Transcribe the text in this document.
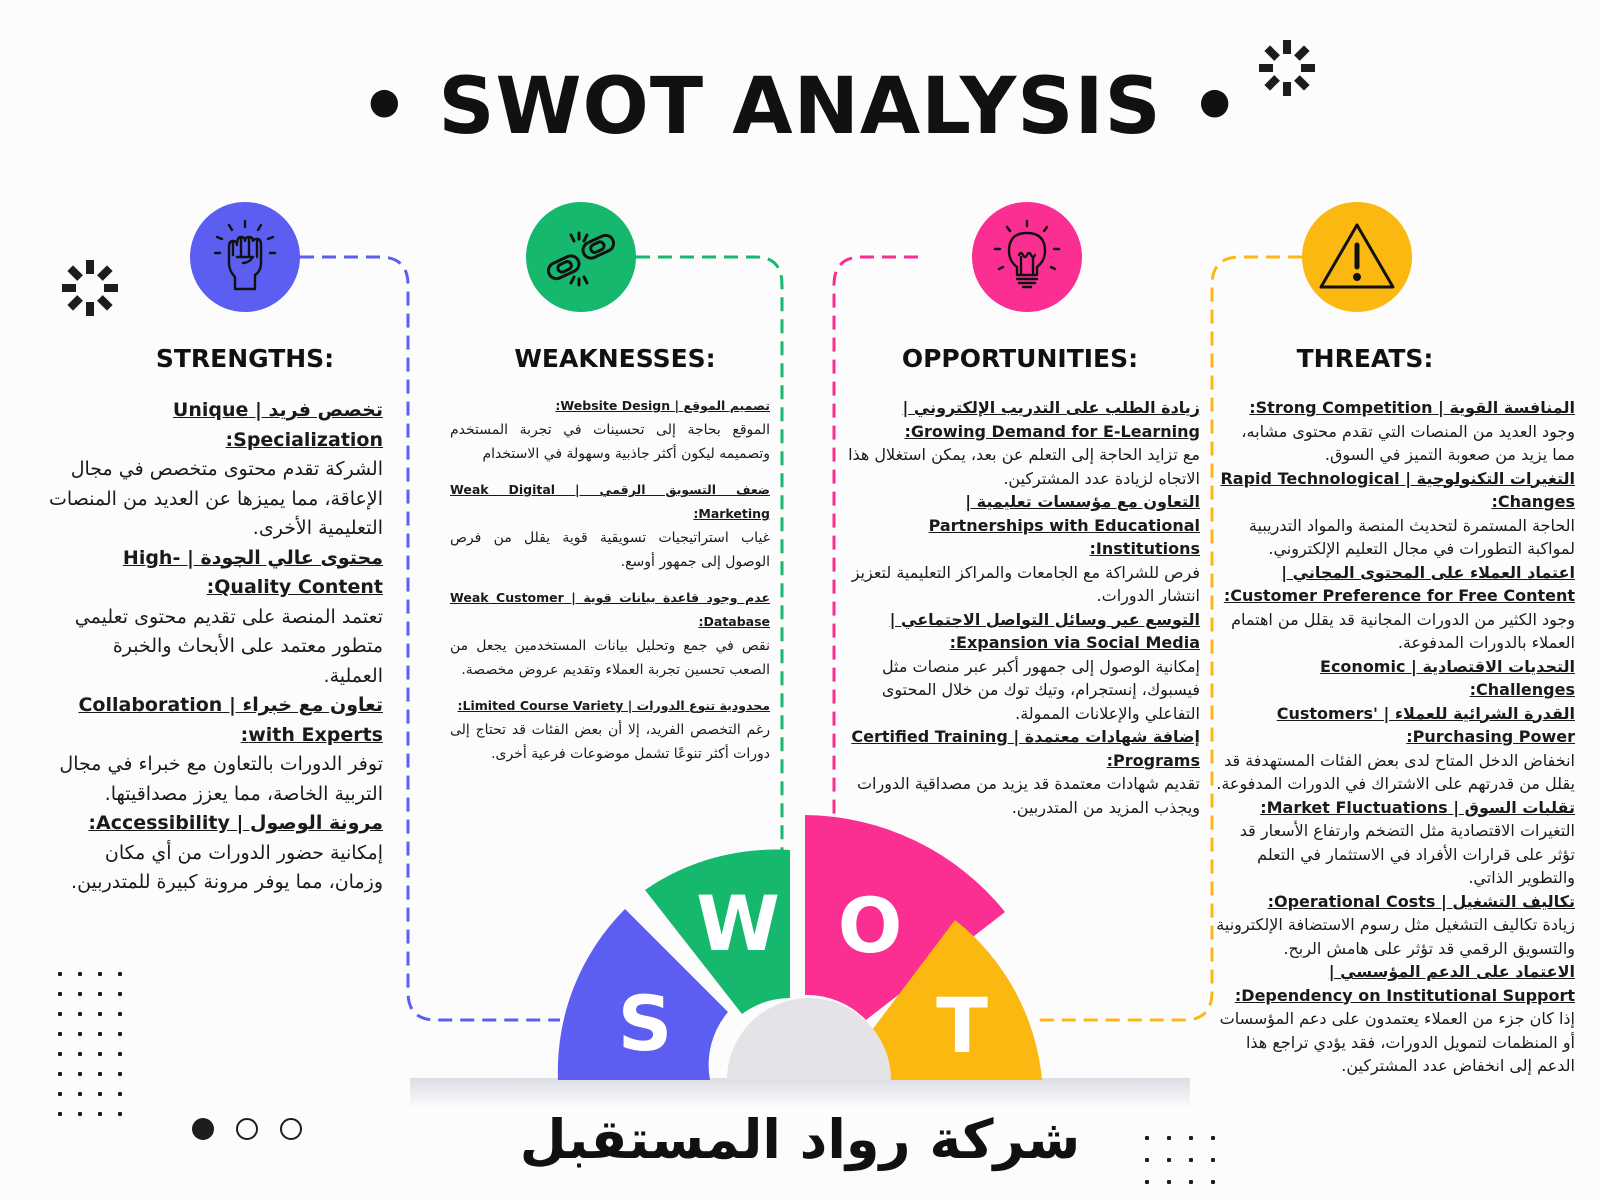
• SWOT ANALYSIS •
STRENGTHS:	WEAKNESSES:	OPPORTUNITIES:	THREATS:

تخصص فريد | Unique Specialization:

الشركة تقدم محتوى متخصص في مجال الإعاقة، مما يميزها عن العديد من المنصات التعليمية الأخرى.

محتوى عالي الجودة | High-Quality Content:

تعتمد المنصة على تقديم محتوى تعليمي متطور معتمد على الأبحاث والخبرة العملية.

تعاون مع خبراء | Collaboration with Experts:

توفر الدورات بالتعاون مع خبراء في مجال التربية الخاصة، مما يعزز مصداقيتها.

مرونة الوصول | Accessibility:

إمكانية حضور الدورات من أي مكان وزمان، مما يوفر مرونة كبيرة للمتدربين.

تصميم الموقع | Website Design:

الموقع بحاجة إلى تحسينات في تجربة المستخدم وتصميمه ليكون أكثر جاذبية وسهولة في الاستخدام

ضعف التسويق الرقمي | Weak Digital Marketing:

غياب استراتيجيات تسويقية قوية يقلل من فرص الوصول إلى جمهور أوسع.

عدم وجود قاعدة بيانات قوية | Weak Customer Database:

نقص في جمع وتحليل بيانات المستخدمين يجعل من الصعب تحسين تجربة العملاء وتقديم عروض مخصصة.

محدودية تنوع الدورات | Limited Course Variety:

رغم التخصص الفريد، إلا أن بعض الفئات قد تحتاج إلى دورات أكثر تنوعًا تشمل موضوعات فرعية أخرى.

زيادة الطلب على التدريب الإلكتروني | Growing Demand for E-Learning:

مع تزايد الحاجة إلى التعلم عن بعد، يمكن استغلال هذا الاتجاه لزيادة عدد المشتركين.

التعاون مع مؤسسات تعليمية | Partnerships with Educational Institutions:

فرص للشراكة مع الجامعات والمراكز التعليمية لتعزيز انتشار الدورات.

التوسع عبر وسائل التواصل الاجتماعي | Expansion via Social Media:

إمكانية الوصول إلى جمهور أكبر عبر منصات مثل فيسبوك، إنستجرام، وتيك توك من خلال المحتوى التفاعلي والإعلانات الممولة.

إضافة شهادات معتمدة | Certified Training Programs:

تقديم شهادات معتمدة قد يزيد من مصداقية الدورات ويجذب المزيد من المتدربين.

المنافسة القوية | Strong Competition:

وجود العديد من المنصات التي تقدم محتوى مشابه، مما يزيد من صعوبة التميز في السوق.

التغيرات التكنولوجية | Rapid Technological Changes:

الحاجة المستمرة لتحديث المنصة والمواد التدريبية لمواكبة التطورات في مجال التعليم الإلكتروني.

اعتماد العملاء على المحتوى المجاني | Customer Preference for Free Content:

وجود الكثير من الدورات المجانية قد يقلل من اهتمام العملاء بالدورات المدفوعة.

التحديات الاقتصادية | Economic Challenges:

القدرة الشرائية للعملاء | Customers' Purchasing Power:

انخفاض الدخل المتاح لدى بعض الفئات المستهدفة قد يقلل من قدرتهم على الاشتراك في الدورات المدفوعة.

تقلبات السوق | Market Fluctuations:

التغيرات الاقتصادية مثل التضخم وارتفاع الأسعار قد تؤثر على قرارات الأفراد في الاستثمار في التعلم والتطوير الذاتي.

تكاليف التشغيل | Operational Costs:

زيادة تكاليف التشغيل مثل رسوم الاستضافة الإلكترونية والتسويق الرقمي قد تؤثر على هامش الربح.

الاعتماد على الدعم المؤسسي | Dependency on Institutional Support:

إذا كان جزء من العملاء يعتمدون على دعم المؤسسات أو المنظمات لتمويل الدورات، فقد يؤدي تراجع هذا الدعم إلى انخفاض عدد المشتركين.

S
W O
T
شركة رواد المستقبل
